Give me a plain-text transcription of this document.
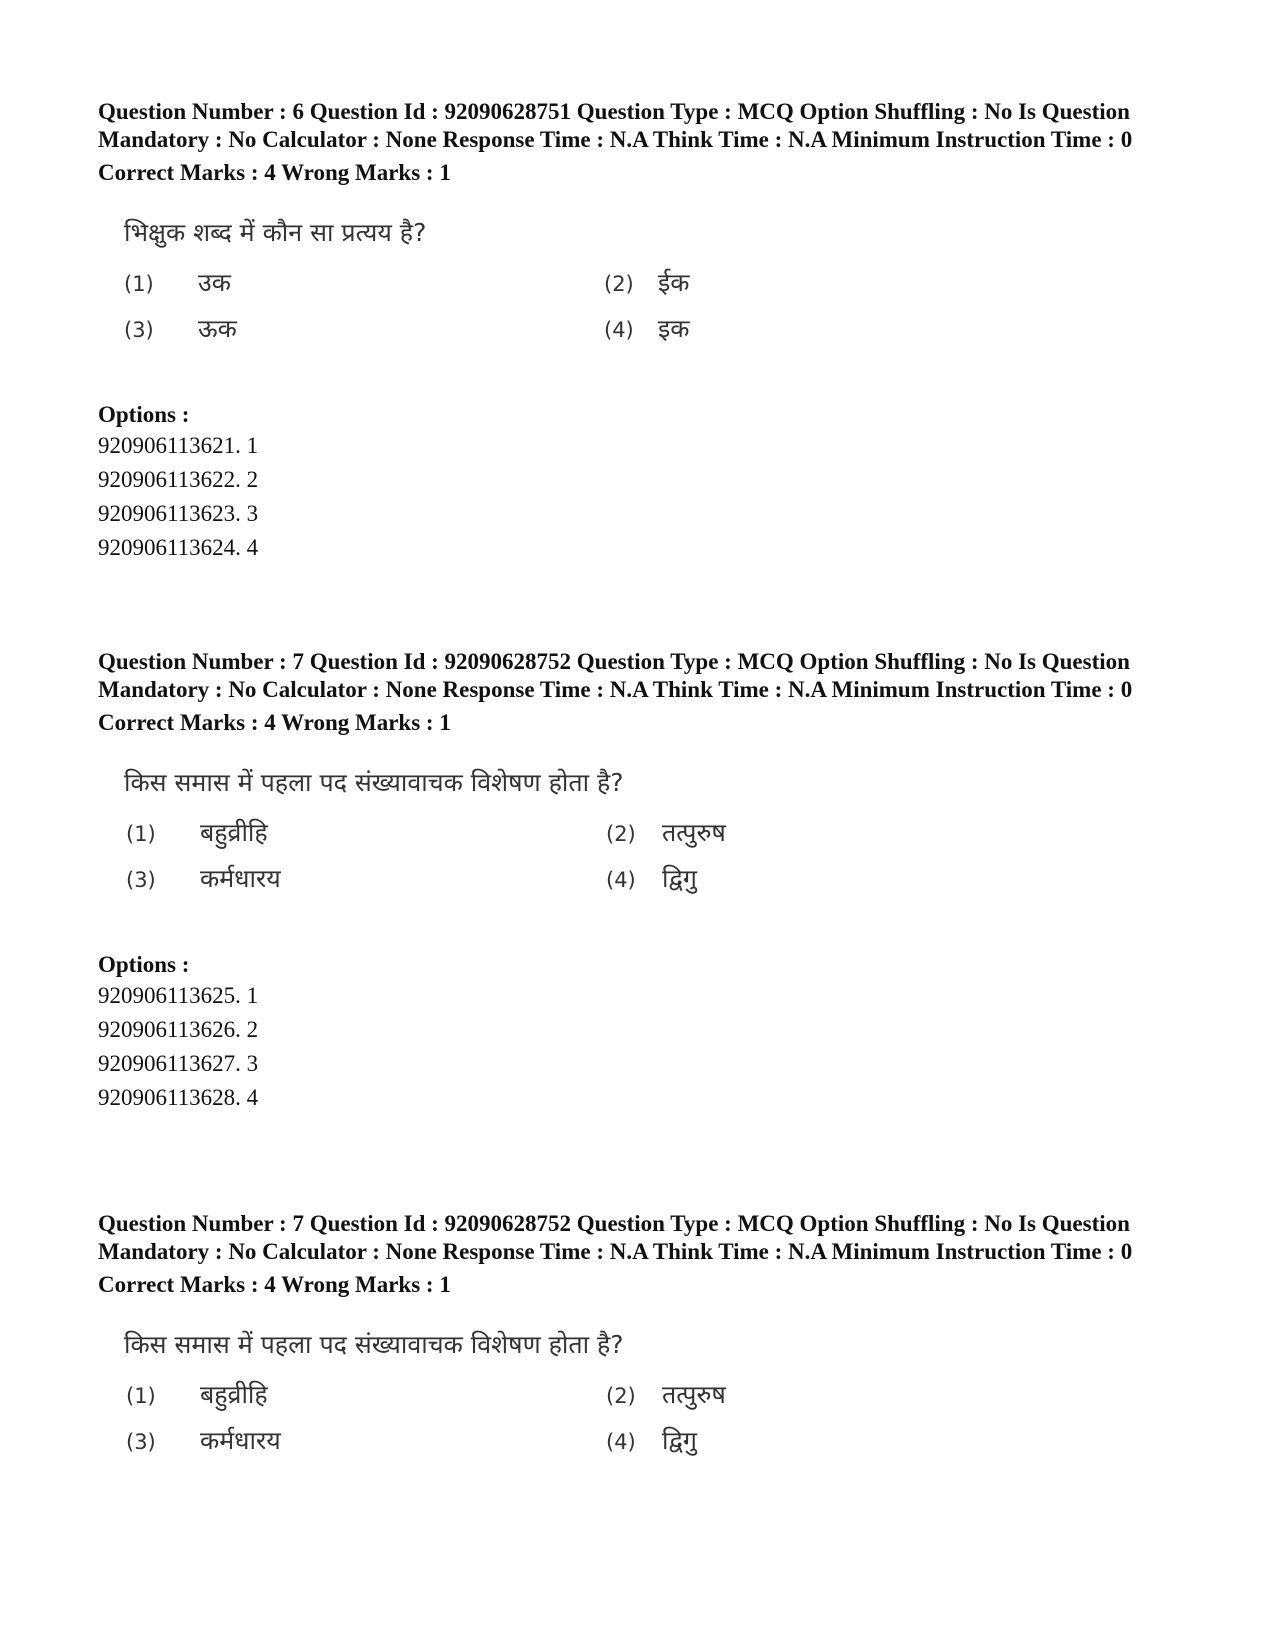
Question Number : 6 Question Id : 92090628751 Question Type : MCQ Option Shuffling : No Is Question Mandatory : No Calculator : None Response Time : N.A Think Time : N.A Minimum Instruction Time : 0

Correct Marks : 4 Wrong Marks : 1
भिक्षुक शब्द में कौन सा प्रत्यय है?
(1) उक	(2) ईक
(3) ऊक	(4) इक
Options :

920906113621. 1

920906113622. 2

920906113623. 3

920906113624. 4

Question Number : 7 Question Id : 92090628752 Question Type : MCQ Option Shuffling : No Is Question Mandatory : No Calculator : None Response Time : N.A Think Time : N.A Minimum Instruction Time : 0

Correct Marks : 4 Wrong Marks : 1
किस समास में पहला पद संख्यावाचक विशेषण होता है?
(1) बहुव्रीहि	(2) तत्पुरुष
(3) कर्मधारय	(4) द्विगु
Options :

920906113625. 1

920906113626. 2

920906113627. 3

920906113628. 4

Question Number : 7 Question Id : 92090628752 Question Type : MCQ Option Shuffling : No Is Question Mandatory : No Calculator : None Response Time : N.A Think Time : N.A Minimum Instruction Time : 0

Correct Marks : 4 Wrong Marks : 1
किस समास में पहला पद संख्यावाचक विशेषण होता है?
(1) बहुव्रीहि	(2) तत्पुरुष
(3) कर्मधारय	(4) द्विगु
